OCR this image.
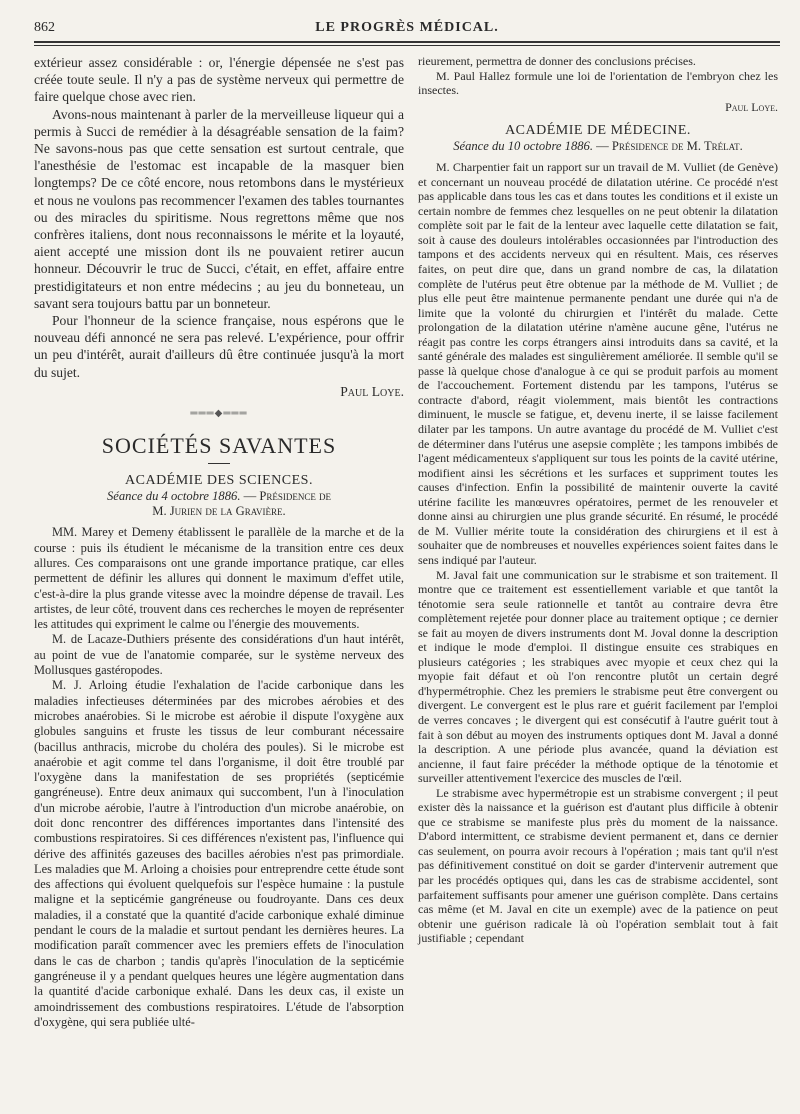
862	LE PROGRÈS MÉDICAL.

extérieur assez considérable : or, l'énergie dépensée ne s'est pas créée toute seule. Il n'y a pas de système nerveux qui permettre de faire quelque chose avec rien.

Avons-nous maintenant à parler de la merveilleuse liqueur qui a permis à Succi de remédier à la désagréable sensation de la faim? Ne savons-nous pas que cette sensation est surtout centrale, que l'anesthésie de l'estomac est incapable de la masquer bien longtemps? De ce côté encore, nous retombons dans le mystérieux et nous ne voulons pas recommencer l'examen des tables tournantes ou des miracles du spiritisme. Nous regrettons même que nos confrères italiens, dont nous reconnaissons le mérite et la loyauté, aient accepté une mission dont ils ne pouvaient retirer aucun honneur. Découvrir le truc de Succi, c'était, en effet, affaire entre prestidigitateurs et non entre médecins ; au jeu du bonneteau, un savant sera toujours battu par un bonneteur.

Pour l'honneur de la science française, nous espérons que le nouveau défi annoncé ne sera pas relevé. L'expérience, pour offrir un peu d'intérêt, aurait d'ailleurs dû être continuée jusqu'à la mort du sujet.

Paul Loye.
═══◆═══
SOCIÉTÉS SAVANTES
ACADÉMIE DES SCIENCES.
Séance du 4 octobre 1886. — Présidence de
M. Jurien de la Gravière.

MM. Marey et Demeny établissent le parallèle de la marche et de la course : puis ils étudient le mécanisme de la transition entre ces deux allures. Ces comparaisons ont une grande importance pratique, car elles permettent de définir les allures qui donnent le maximum d'effet utile, c'est-à-dire la plus grande vitesse avec la moindre dépense de travail. Les artistes, de leur côté, trouvent dans ces recherches le moyen de représenter les attitudes qui expriment le calme ou l'énergie des mouvements.

M. de Lacaze-Duthiers présente des considérations d'un haut intérêt, au point de vue de l'anatomie comparée, sur le système nerveux des Mollusques gastéropodes.

M. J. Arloing étudie l'exhalation de l'acide carbonique dans les maladies infectieuses déterminées par des microbes aérobies et des microbes anaérobies. Si le microbe est aérobie il dispute l'oxygène aux globules sanguins et fruste les tissus de leur comburant nécessaire (bacillus anthracis, microbe du choléra des poules). Si le microbe est anaérobie et agit comme tel dans l'organisme, il doit être troublé par l'oxygène dans la manifestation de ses propriétés (septicémie gangréneuse). Entre deux animaux qui succombent, l'un à l'inoculation d'un microbe aérobie, l'autre à l'introduction d'un microbe anaérobie, on doit donc rencontrer des différences importantes dans l'intensité des combustions respiratoires. Si ces différences n'existent pas, l'influence qui dérive des affinités gazeuses des bacilles aérobies n'est pas primordiale. Les maladies que M. Arloing a choisies pour entreprendre cette étude sont des affections qui évoluent quelquefois sur l'espèce humaine : la pustule maligne et la septicémie gangréneuse ou foudroyante. Dans ces deux maladies, il a constaté que la quantité d'acide carbonique exhalé diminue pendant le cours de la maladie et surtout pendant les dernières heures. La modification paraît commencer avec les premiers effets de l'inoculation dans le cas de charbon ; tandis qu'après l'inoculation de la septicémie gangréneuse il y a pendant quelques heures une légère augmentation dans la quantité d'acide carbonique exhalé. Dans les deux cas, il existe un amoindrissement des combustions respiratoires. L'étude de l'absorption d'oxygène, qui sera publiée ulté-

rieurement, permettra de donner des conclusions précises.

M. Paul Hallez formule une loi de l'orientation de l'embryon chez les insectes.

Paul Loye.
ACADÉMIE DE MÉDECINE.
Séance du 10 octobre 1886. — Présidence de M. Trélat.

M. Charpentier fait un rapport sur un travail de M. Vulliet (de Genève) et concernant un nouveau procédé de dilatation utérine. Ce procédé n'est pas applicable dans tous les cas et dans toutes les conditions et il existe un certain nombre de femmes chez lesquelles on ne peut obtenir la dilatation complète soit par le fait de la lenteur avec laquelle cette dilatation se fait, soit à cause des douleurs intolérables occasionnées par l'introduction des tampons et des accidents nerveux qui en résultent. Mais, ces réserves faites, on peut dire que, dans un grand nombre de cas, la dilatation complète de l'utérus peut être obtenue par la méthode de M. Vulliet ; de plus elle peut être maintenue permanente pendant une durée qui n'a de limite que la volonté du chirurgien et l'intérêt du malade. Cette prolongation de la dilatation utérine n'amène aucune gêne, l'utérus ne réagit pas contre les corps étrangers ainsi introduits dans sa cavité, et la santé générale des malades est singulièrement améliorée. Il semble qu'il se passe là quelque chose d'analogue à ce qui se produit parfois au moment de l'accouchement. Fortement distendu par les tampons, l'utérus se contracte d'abord, réagit violemment, mais bientôt les contractions diminuent, le muscle se fatigue, et, devenu inerte, il se laisse facilement dilater par les tampons. Un autre avantage du procédé de M. Vulliet c'est de déterminer dans l'utérus une asepsie complète ; les tampons imbibés de l'agent médicamenteux s'appliquent sur tous les points de la cavité utérine, modifient ainsi les sécrétions et les surfaces et suppriment toutes les causes d'infection. Enfin la possibilité de maintenir ouverte la cavité utérine facilite les manœuvres opératoires, permet de les renouveler et donne ainsi au chirurgien une plus grande sécurité. En résumé, le procédé de M. Vullier mérite toute la considération des chirurgiens et il est à souhaiter que de nombreuses et nouvelles expériences soient faites dans le sens indiqué par l'auteur.

M. Javal fait une communication sur le strabisme et son traitement. Il montre que ce traitement est essentiellement variable et que tantôt la ténotomie sera seule rationnelle et tantôt au contraire devra être complètement rejetée pour donner place au traitement optique ; ce dernier se fait au moyen de divers instruments dont M. Joval donne la description et indique le mode d'emploi. Il distingue ensuite ces strabiques en plusieurs catégories ; les strabiques avec myopie et ceux chez qui la myopie fait défaut et où l'on rencontre plutôt un certain degré d'hypermétrophie. Chez les premiers le strabisme peut être convergent ou divergent. Le convergent est le plus rare et guérit facilement par l'emploi de verres concaves ; le divergent qui est consécutif à l'autre guérit tout à fait à son début au moyen des instruments optiques dont M. Javal a donné la description. A une période plus avancée, quand la déviation est ancienne, il faut faire précéder la méthode optique de la ténotomie et surveiller attentivement l'exercice des muscles de l'œil.

Le strabisme avec hypermétropie est un strabisme convergent ; il peut exister dès la naissance et la guérison est d'autant plus difficile à obtenir que ce strabisme se manifeste plus près du moment de la naissance. D'abord intermittent, ce strabisme devient permanent et, dans ce dernier cas seulement, on pourra avoir recours à l'opération ; mais tant qu'il n'est pas définitivement constitué on doit se garder d'intervenir autrement que par les procédés optiques qui, dans les cas de strabisme accidentel, sont parfaitement suffisants pour amener une guérison complète. Dans certains cas même (et M. Javal en cite un exemple) avec de la patience on peut obtenir une guérison radicale là où l'opération semblait tout à fait justifiable ; cependant
